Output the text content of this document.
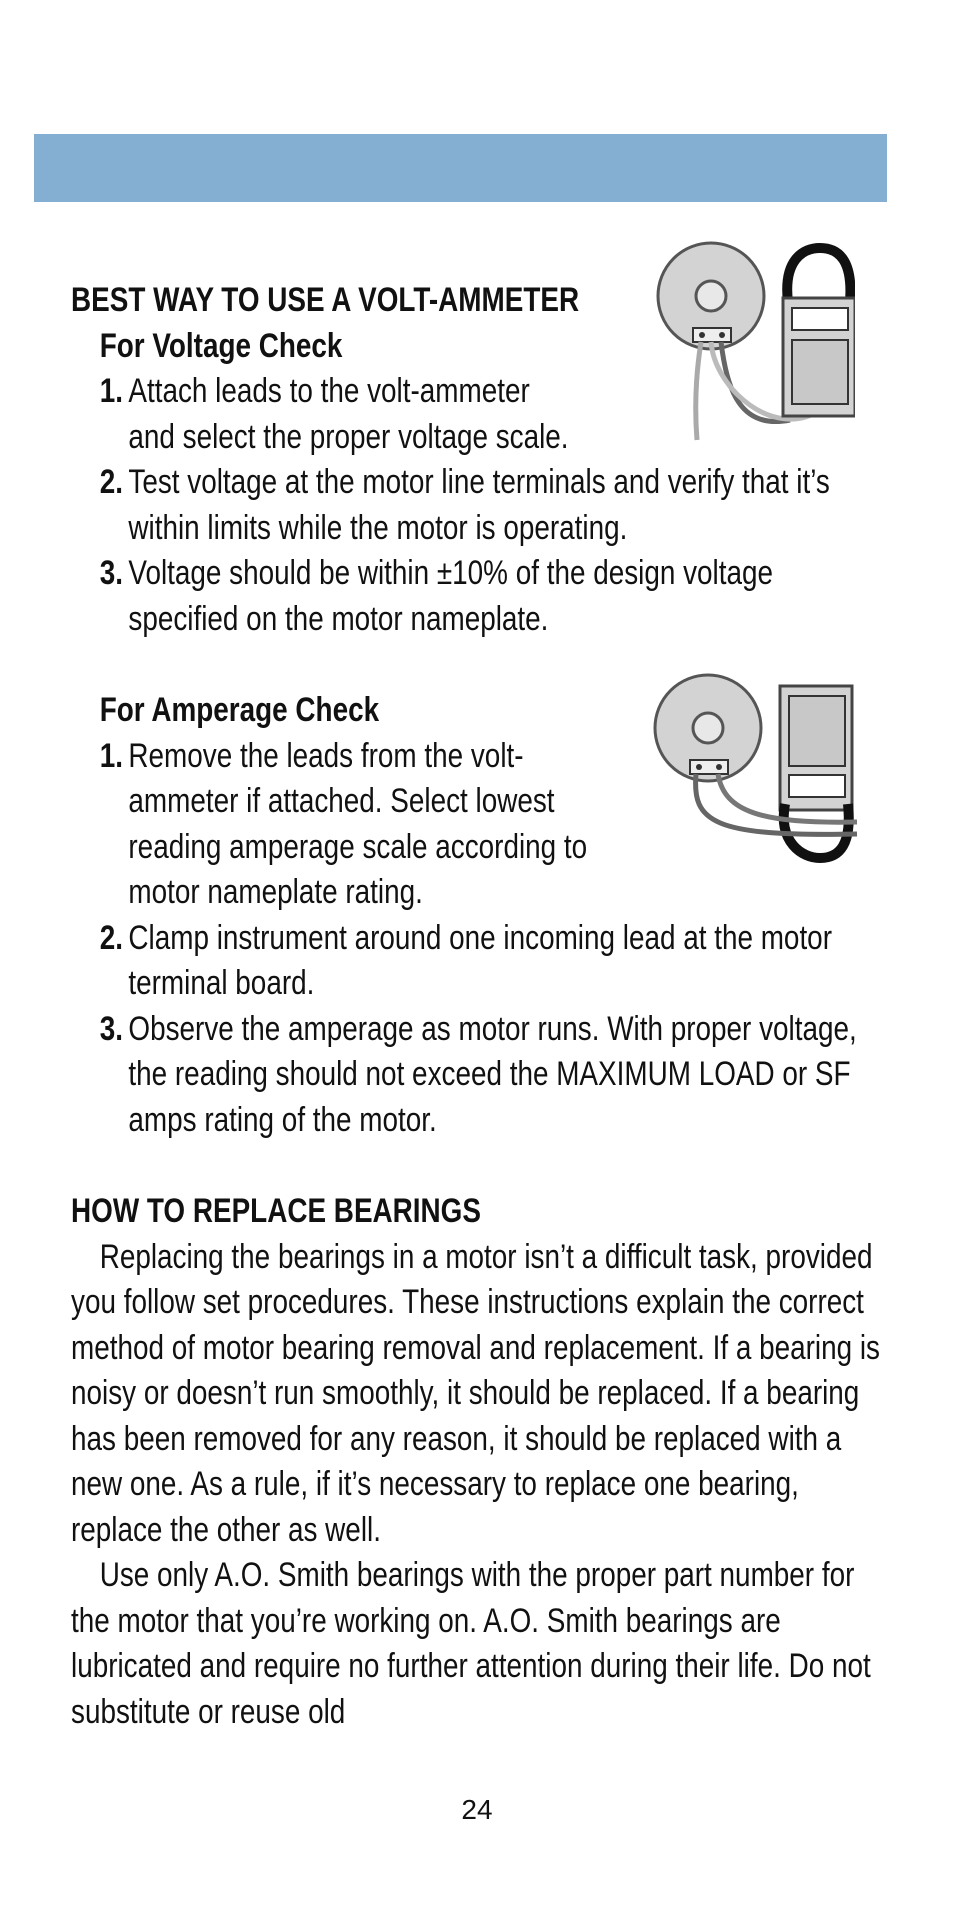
BEST WAY TO USE A VOLT-AMMETER

For Voltage Check

1. Attach leads to the volt-ammeter and select the proper voltage scale.

2. Test voltage at the motor line terminals and verify that it’s within limits while the motor is operating.

3. Voltage should be within ±10% of the design voltage specified on the motor nameplate.

For Amperage Check

1. Remove the leads from the volt-ammeter if attached. Select lowest reading amperage scale according to motor nameplate rating.

2. Clamp instrument around one incoming lead at the motor terminal board.

3. Observe the amperage as motor runs. With proper voltage, the reading should not exceed the MAXIMUM LOAD or SF amps rating of the motor.

HOW TO REPLACE BEARINGS

Replacing the bearings in a motor isn’t a difficult task, provided you follow set procedures. These instructions explain the correct method of motor bearing removal and replacement. If a bearing is noisy or doesn’t run smoothly, it should be replaced. If a bearing has been removed for any reason, it should be replaced with a new one. As a rule, if it’s necessary to replace one bearing, replace the other as well.

Use only A.O. Smith bearings with the proper part number for the motor that you’re working on. A.O. Smith bearings are lubricated and require no further attention during their life. Do not substitute or reuse old

24
